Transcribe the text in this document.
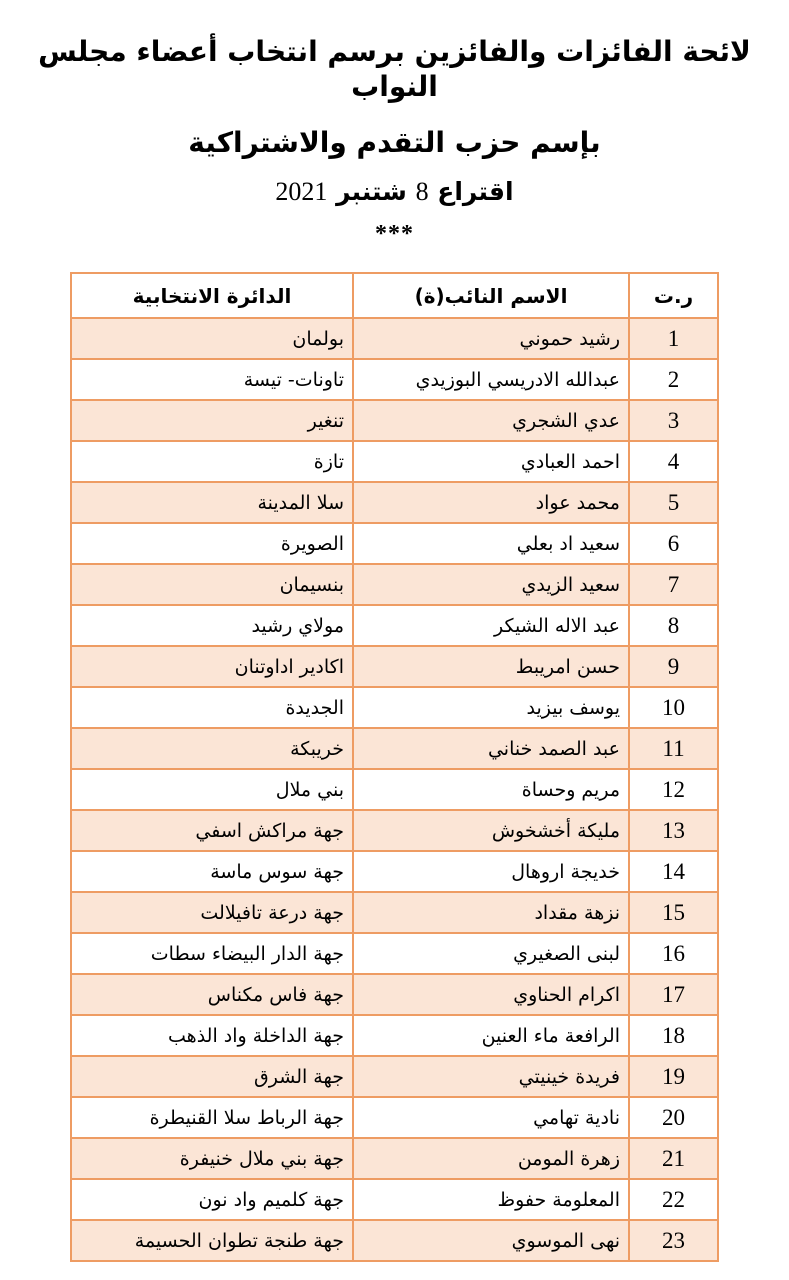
لائحة الفائزات والفائزين برسم انتخاب أعضاء مجلس النواب
بإسم حزب التقدم والاشتراكية
اقتراع 8 شتنبر 2021
***
ر.ت	الاسم النائب(ة)	الدائرة الانتخابية
1	رشيد حموني	بولمان
2	عبدالله الادريسي البوزيدي	تاونات- تيسة
3	عدي الشجري	تنغير
4	احمد العبادي	تازة
5	محمد عواد	سلا المدينة
6	سعيد اد بعلي	الصويرة
7	سعيد الزيدي	بنسيمان
8	عبد الاله الشيكر	مولاي رشيد
9	حسن امريبط	اكادير اداوتنان
10	يوسف بيزيد	الجديدة
11	عبد الصمد خناني	خريبكة
12	مريم وحساة	بني ملال
13	مليكة أخشخوش	جهة مراكش اسفي
14	خديجة اروهال	جهة سوس ماسة
15	نزهة مقداد	جهة درعة تافيلالت
16	لبنى الصغيري	جهة الدار البيضاء سطات
17	اكرام الحناوي	جهة فاس مكناس
18	الرافعة ماء العنين	جهة الداخلة واد الذهب
19	فريدة خينيتي	جهة الشرق
20	نادية تهامي	جهة الرباط سلا القنيطرة
21	زهرة المومن	جهة بني ملال خنيفرة
22	المعلومة حفوظ	جهة كلميم واد نون
23	نهى الموسوي	جهة طنجة تطوان الحسيمة
